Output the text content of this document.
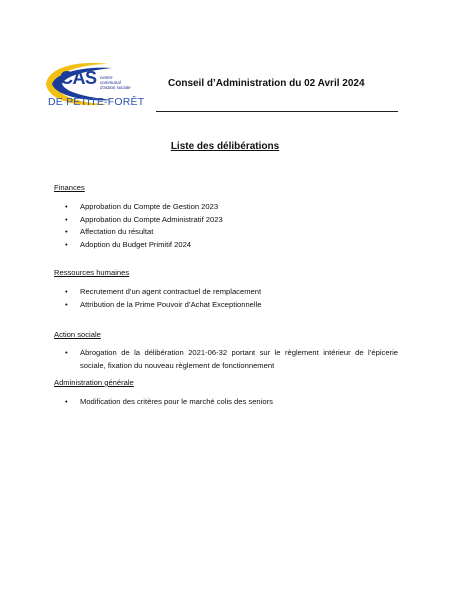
CAS centre
communal
d'action sociale
DE PETITE-FORÊT
Conseil d’Administration du 02 Avril 2024
Liste des délibérations
Finances
• Approbation du Compte de Gestion 2023
• Approbation du Compte Administratif 2023
• Affectation du résultat
• Adoption du Budget Primitif 2024
Ressources humaines
• Recrutement d’un agent contractuel de remplacement
• Attribution de la Prime Pouvoir d’Achat Exceptionnelle
Action sociale
• Abrogation de la délibération 2021-06-32 portant sur le règlement intérieur de l’épicerie sociale, fixation du nouveau règlement de fonctionnement
Administration générale
• Modification des critères pour le marché colis des seniors
